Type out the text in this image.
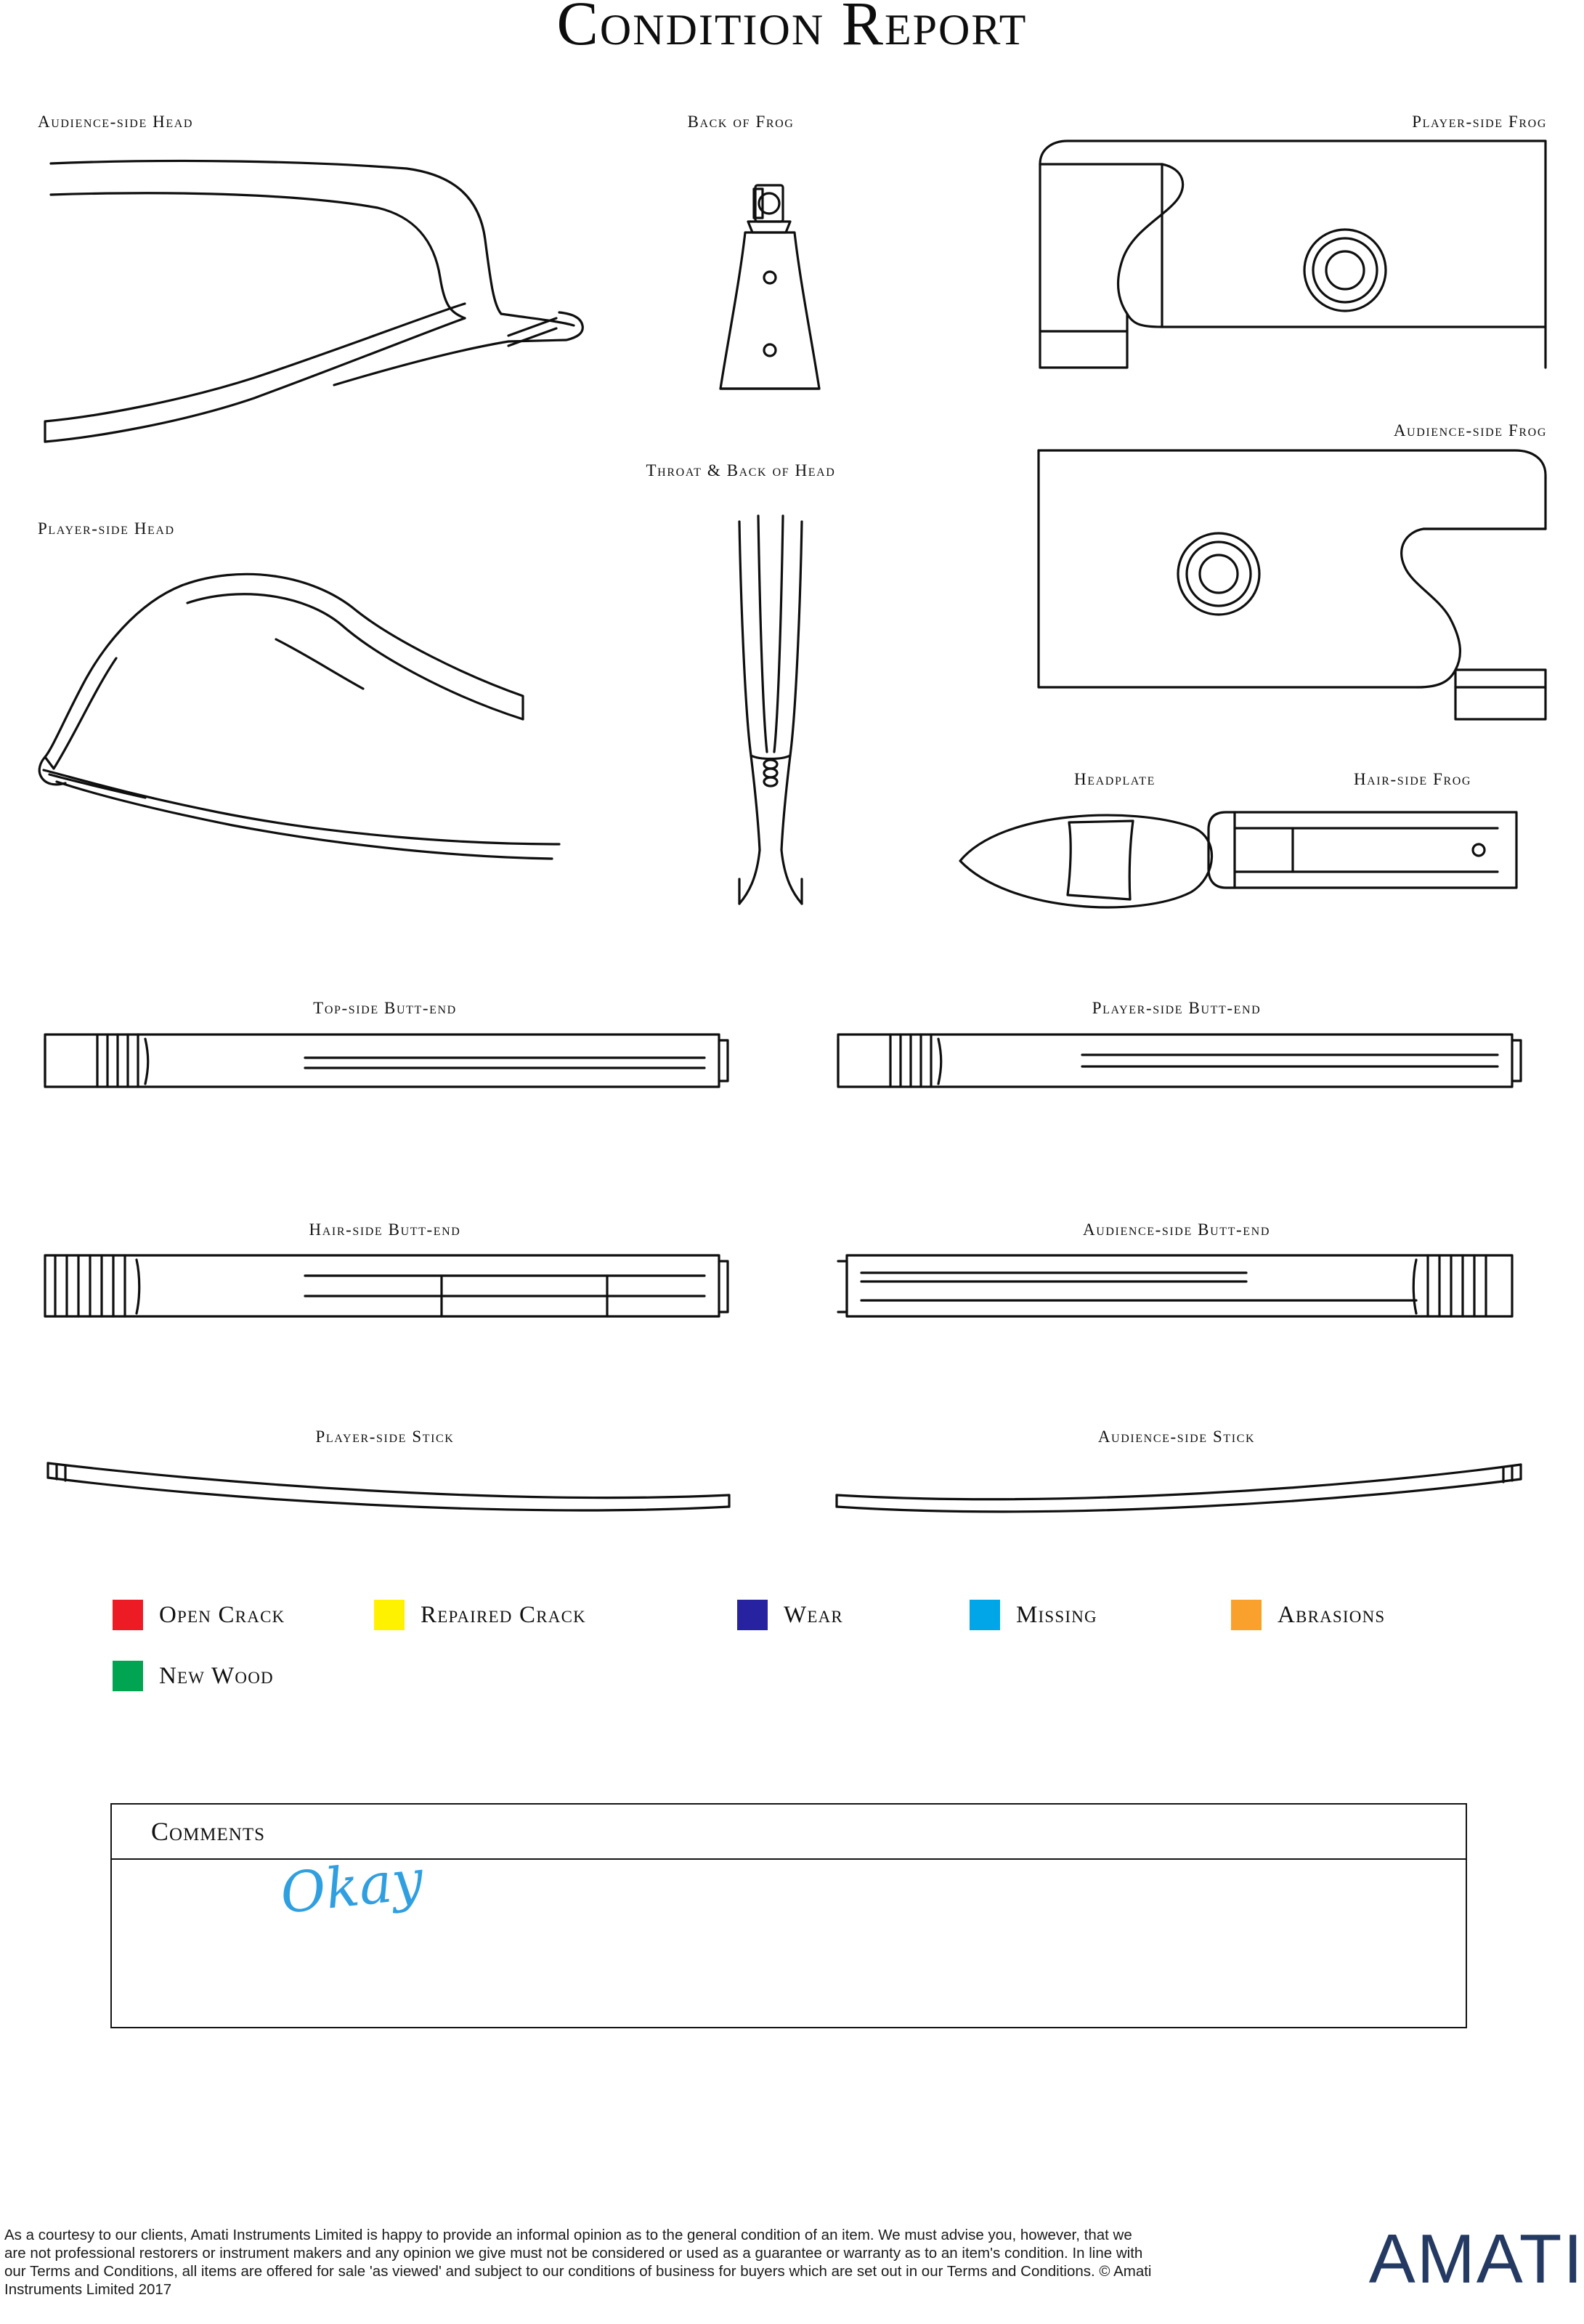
Condition Report
Audience-side Head	Back of Frog	Player-side Frog
Audience-side Frog
Player-side Head
Throat & Back of Head
Headplate	Hair-side Frog
Top-side Butt-end	Player-side Butt-end
Hair-side Butt-end	Audience-side Butt-end
Player-side Stick	Audience-side Stick
Open Crack	Repaired Crack	Wear	Missing	Abrasions
New Wood
Comments
Okay
As a courtesy to our clients, Amati Instruments Limited is happy to provide an informal opinion as to the general condition of an item. We must advise you, however, that we are not professional restorers or instrument makers and any opinion we give must not be considered or used as a guarantee or warranty as to an item's condition. In line with our Terms and Conditions, all items are offered for sale 'as viewed' and subject to our conditions of business for buyers which are set out in our Terms and Conditions. © Amati Instruments Limited 2017	AMATI
